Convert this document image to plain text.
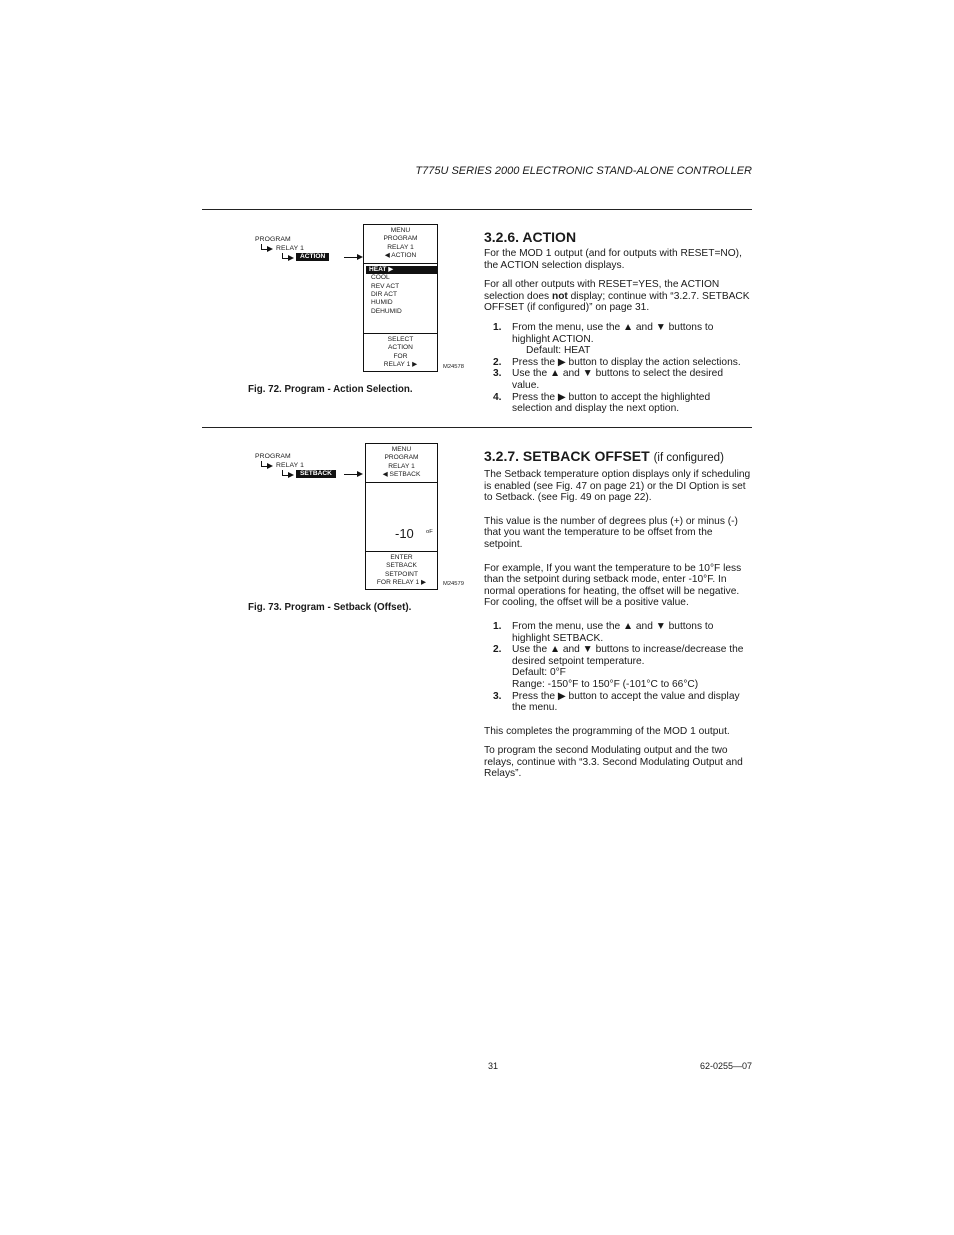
T775U SERIES 2000 ELECTRONIC STAND-ALONE CONTROLLER
PROGRAM
RELAY 1
ACTION
MENU
PROGRAM
RELAY 1
◀ ACTION
HEAT ▶
COOL
REV ACT
DIR ACT
HUMID
DEHUMID
SELECT
ACTION
FOR
RELAY 1 ▶	M24578
Fig. 72. Program - Action Selection.
3.2.6. ACTION

For the MOD 1 output (and for outputs with RESET=NO), the ACTION selection displays.

For all other outputs with RESET=YES, the ACTION selection does not display; continue with “3.2.7. SETBACK OFFSET (if configured)” on page 31.

1. From the menu, use the ▲ and ▼ buttons to highlight ACTION.
Default: HEAT
2. Press the ▶ button to display the action selections.
3. Use the ▲ and ▼ buttons to select the desired value.
4. Press the ▶ button to accept the highlighted selection and display the next option.
PROGRAM
RELAY 1
SETBACK
MENU
PROGRAM
RELAY 1
◀ SETBACK
-10 oF
ENTER
SETBACK
SETPOINT
FOR RELAY 1 ▶	M24579
Fig. 73. Program - Setback (Offset).
3.2.7. SETBACK OFFSET (if configured)

The Setback temperature option displays only if scheduling is enabled (see Fig. 47 on page 21) or the DI Option is set to Setback. (see Fig. 49 on page 22).

This value is the number of degrees plus (+) or minus (-) that you want the temperature to be offset from the setpoint.

For example, If you want the temperature to be 10°F less than the setpoint during setback mode, enter -10°F. In normal operations for heating, the offset will be negative. For cooling, the offset will be a positive value.

1. From the menu, use the ▲ and ▼ buttons to highlight SETBACK.
2. Use the ▲ and ▼ buttons to increase/decrease the desired setpoint temperature.
Default: 0°F
Range: -150°F to 150°F (-101°C to 66°C)
3. Press the ▶ button to accept the value and display the menu.

This completes the programming of the MOD 1 output.

To program the second Modulating output and the two relays, continue with “3.3. Second Modulating Output and Relays”.

31	62-0255—07
